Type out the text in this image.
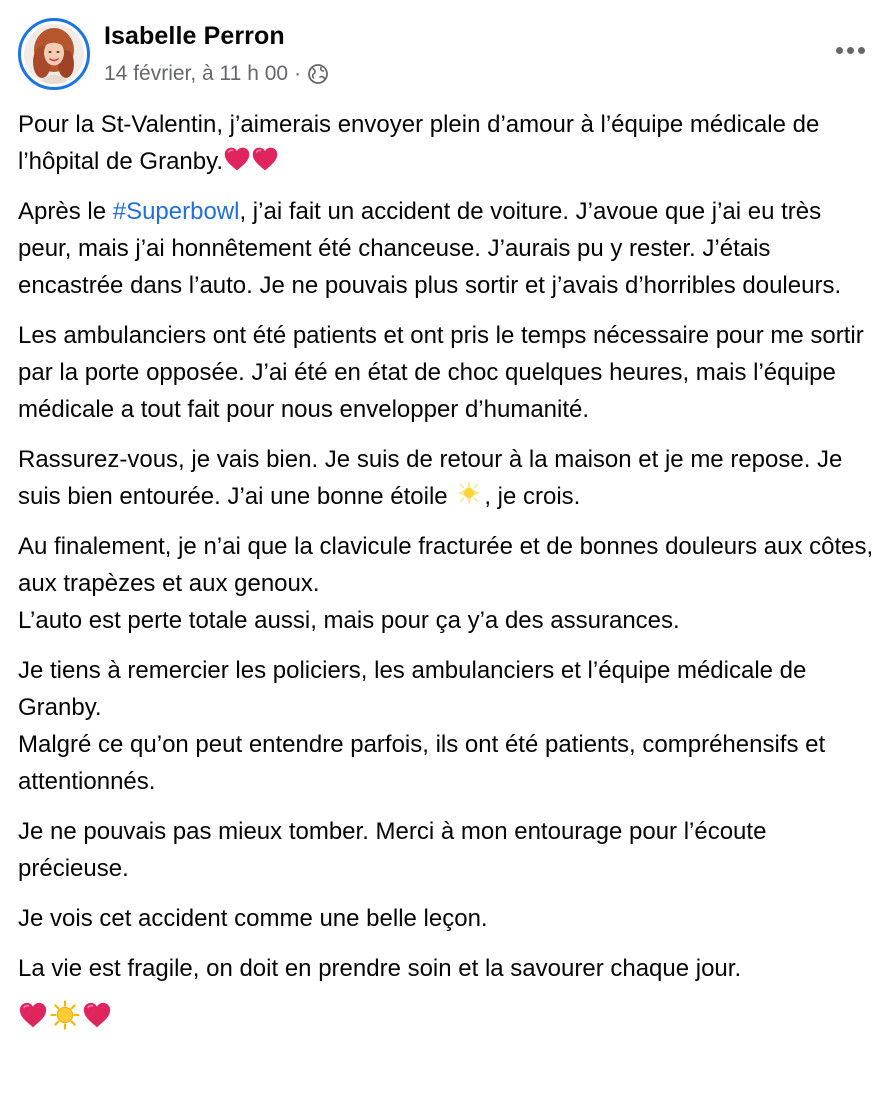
Isabelle Perron
14 février, à 11 h 00 ·

Pour la St-Valentin, j’aimerais envoyer plein d’amour à l’équipe médicale de l’hôpital de Granby.

Après le #Superbowl, j’ai fait un accident de voiture. J’avoue que j’ai eu très peur, mais j’ai honnêtement été chanceuse. J’aurais pu y rester. J’étais encastrée dans l’auto. Je ne pouvais plus sortir et j’avais d’horribles douleurs.

Les ambulanciers ont été patients et ont pris le temps nécessaire pour me sortir par la porte opposée. J’ai été en état de choc quelques heures, mais l’équipe médicale a tout fait pour nous envelopper d’humanité.

Rassurez-vous, je vais bien. Je suis de retour à la maison et je me repose. Je suis bien entourée. J’ai une bonne étoile , je crois.

Au finalement, je n’ai que la clavicule fracturée et de bonnes douleurs aux côtes, aux trapèzes et aux genoux.
L’auto est perte totale aussi, mais pour ça y’a des assurances.

Je tiens à remercier les policiers, les ambulanciers et l’équipe médicale de Granby.
Malgré ce qu’on peut entendre parfois, ils ont été patients, compréhensifs et attentionnés.

Je ne pouvais pas mieux tomber. Merci à mon entourage pour l’écoute précieuse.

Je vois cet accident comme une belle leçon.

La vie est fragile, on doit en prendre soin et la savourer chaque jour.
